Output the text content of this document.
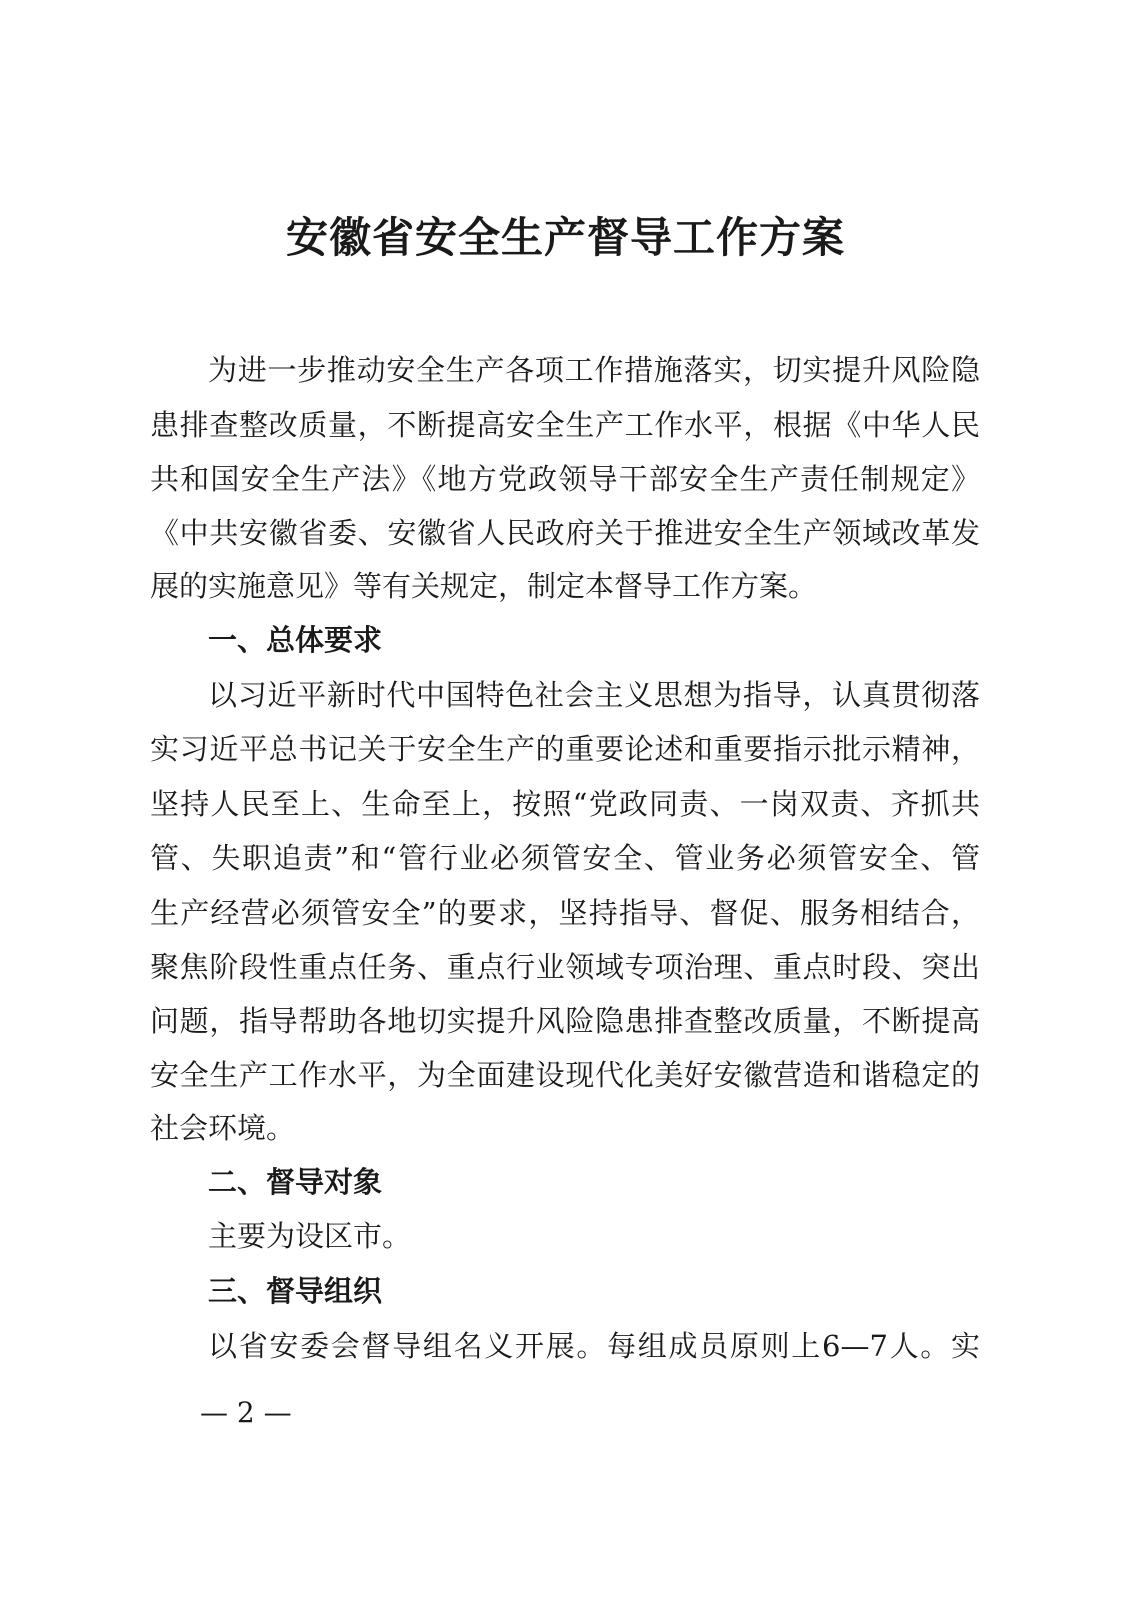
安徽省安全生产督导工作方案

为进一步推动安全生产各项工作措施落实，切实提升风险隐

患排查整改质量，不断提高安全生产工作水平，根据《中华人民

共和国安全生产法》《地方党政领导干部安全生产责任制规定》

《中共安徽省委、安徽省人民政府关于推进安全生产领域改革发

展的实施意见》等有关规定，制定本督导工作方案。

一、总体要求

以习近平新时代中国特色社会主义思想为指导，认真贯彻落

实习近平总书记关于安全生产的重要论述和重要指示批示精神，

坚持人民至上、生命至上，按照“党政同责、一岗双责、齐抓共

管、失职追责”和“管行业必须管安全、管业务必须管安全、管

生产经营必须管安全”的要求，坚持指导、督促、服务相结合，

聚焦阶段性重点任务、重点行业领域专项治理、重点时段、突出

问题，指导帮助各地切实提升风险隐患排查整改质量，不断提高

安全生产工作水平，为全面建设现代化美好安徽营造和谐稳定的

社会环境。

二、督导对象

主要为设区市。

三、督导组织

以省安委会督导组名义开展。每组成员原则上6—7人。实

— 2 —
